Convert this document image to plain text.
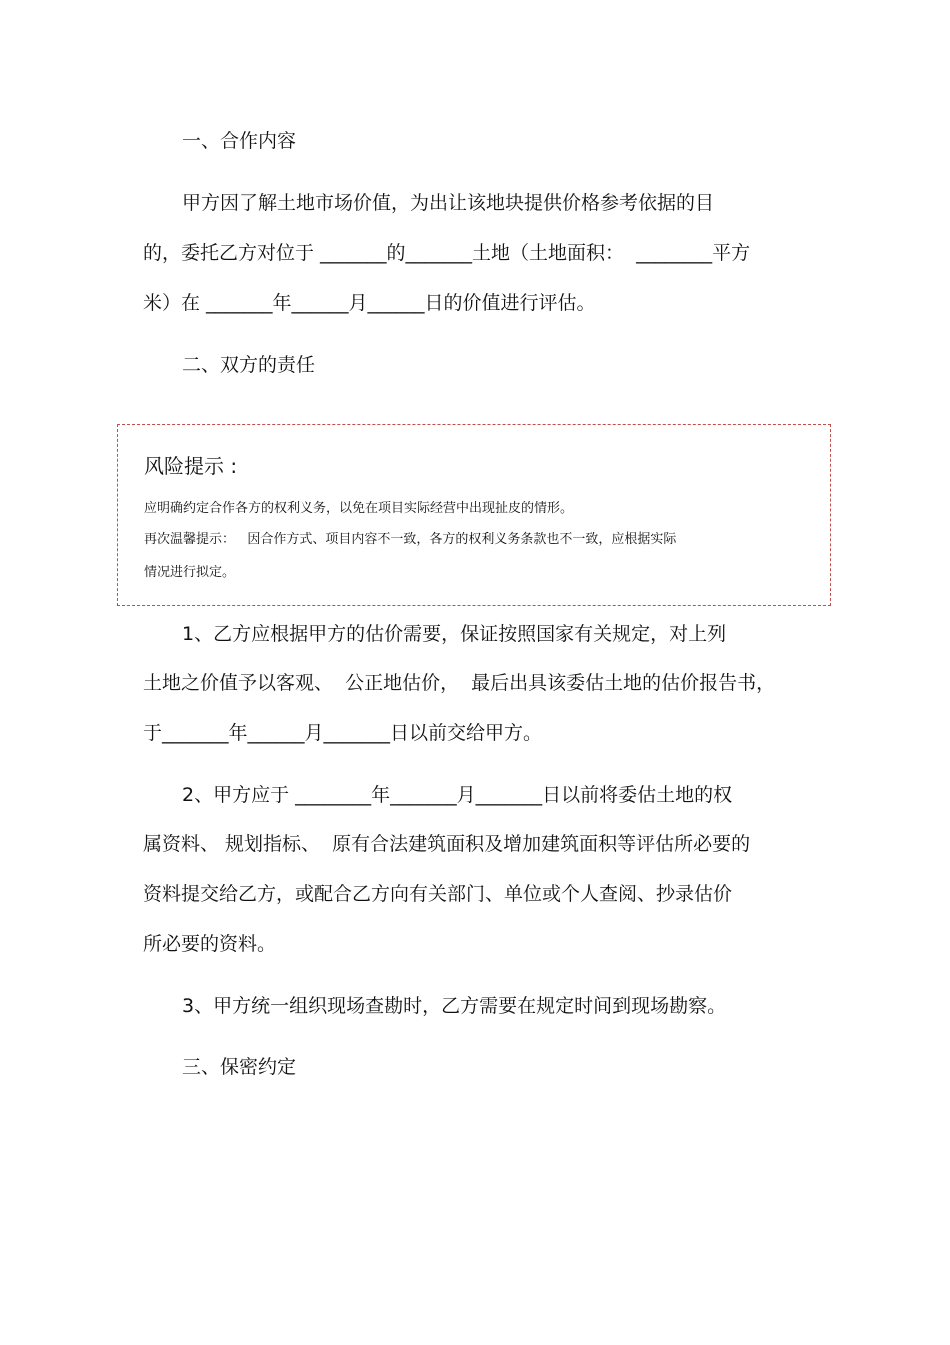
一、合作内容

甲方因了解土地市场价值，为出让该地块提供价格参考依据的目

的，委托乙方对位于 _______的_______土地（土地面积：  ________平方

米）在 _______年______月______日的价值进行评估。

二、双方的责任

风险提示 :

应明确约定合作各方的权利义务，以免在项目实际经营中出现扯皮的情形。

再次温馨提示：   因合作方式、项目内容不一致，各方的权利义务条款也不一致，应根据实际

情况进行拟定。

1、乙方应根据甲方的估价需要，保证按照国家有关规定，对上列

土地之价值予以客观、  公正地估价，  最后出具该委估土地的估价报告书，

于_______年______月_______日以前交给甲方。

2、甲方应于 ________年_______月_______日以前将委估土地的权

属资料、 规划指标、  原有合法建筑面积及增加建筑面积等评估所必要的

资料提交给乙方，或配合乙方向有关部门、单位或个人查阅、抄录估价

所必要的资料。

3、甲方统一组织现场查勘时，乙方需要在规定时间到现场勘察。

三、保密约定
